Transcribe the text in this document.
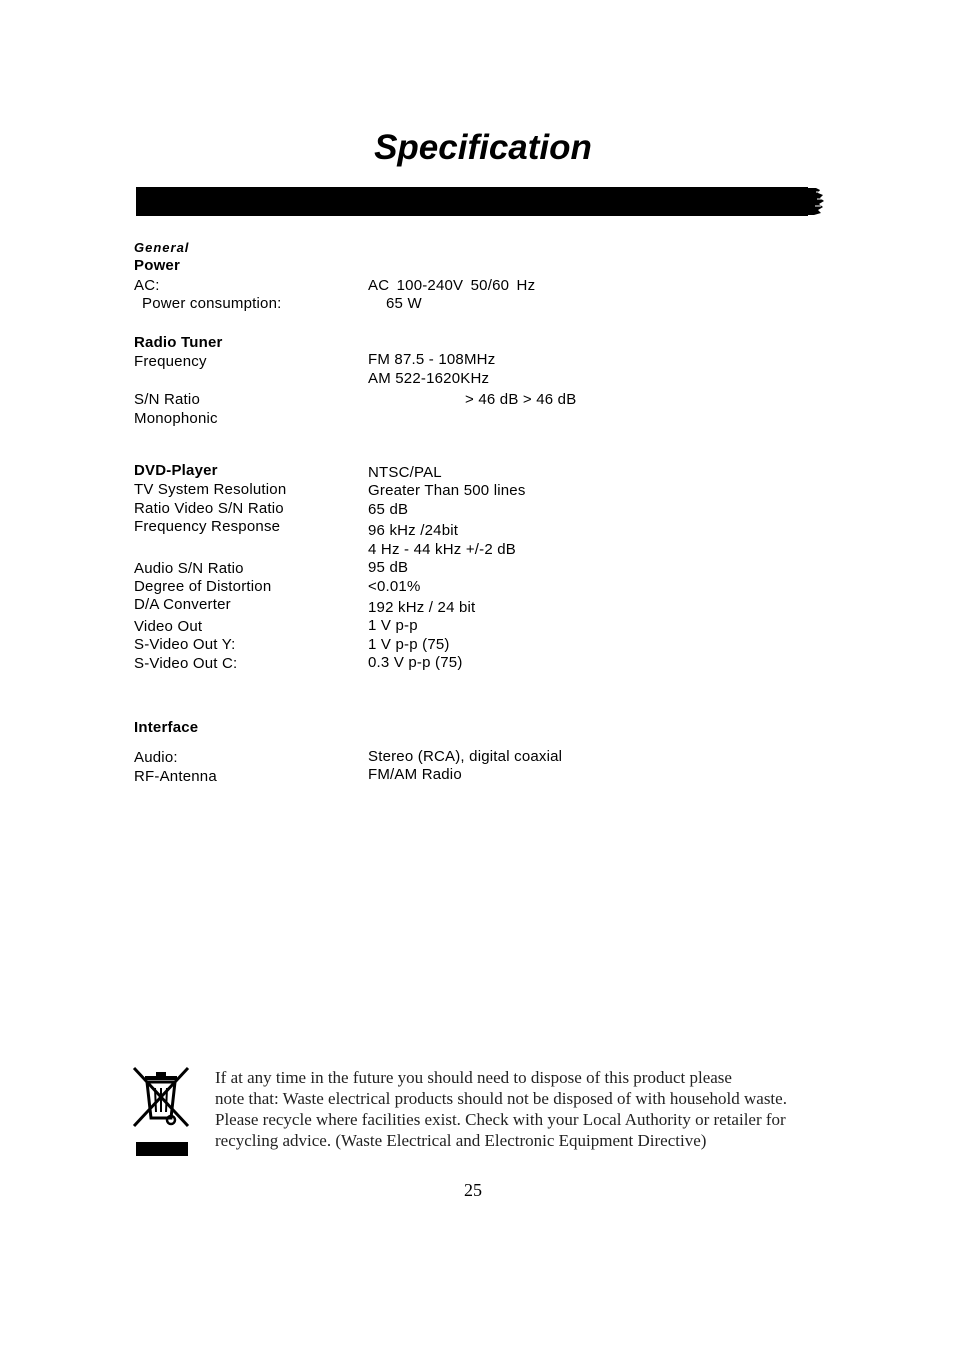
Specification
General
Power
AC:	AC 100-240V 50/60 Hz
Power consumption:	65 W
Radio Tuner
Frequency	FM 87.5 - 108MHz
AM 522-1620KHz
S/N Ratio	> 46 dB > 46 dB
Monophonic
DVD-Player	NTSC/PAL
TV System Resolution	Greater Than 500 lines
Ratio Video S/N Ratio	65 dB
Frequency Response	96 kHz /24bit
4 Hz - 44 kHz +/-2 dB
Audio S/N Ratio	95 dB
Degree of Distortion	<0.01%
D/A Converter	192 kHz / 24 bit
Video Out	1 V p-p
S-Video Out Y:	1 V p-p (75)
S-Video Out C:	0.3 V p-p (75)
Interface
Audio:	Stereo (RCA), digital coaxial
RF-Antenna	FM/AM Radio
If at any time in the future you should need to dispose of this product please
note that: Waste electrical products should not be disposed of with household waste.
Please recycle where facilities exist. Check with your Local Authority or retailer for
recycling advice. (Waste Electrical and Electronic Equipment Directive)
25
